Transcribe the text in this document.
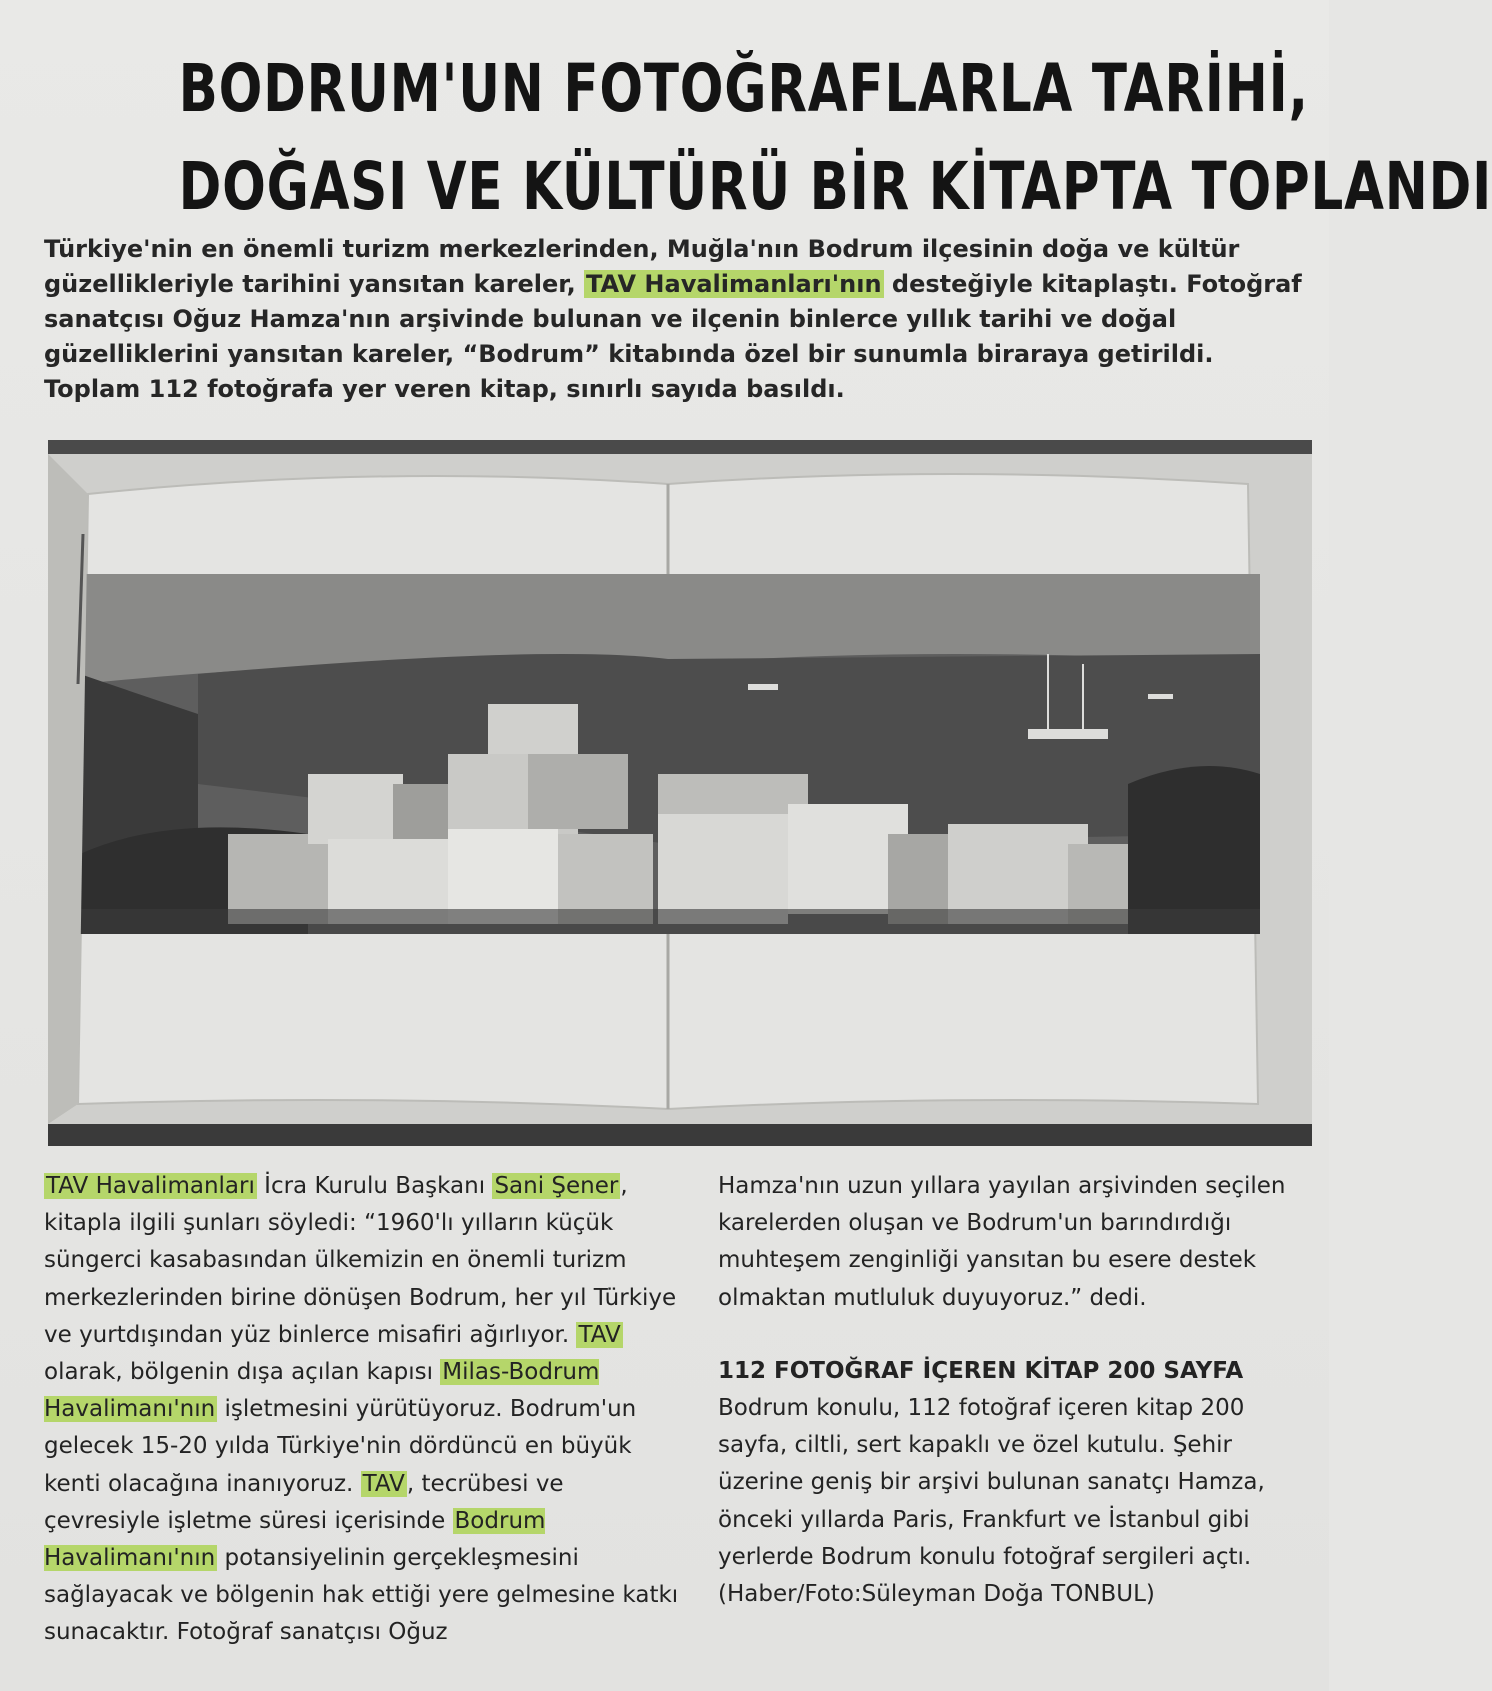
BODRUM'UN FOTOĞRAFLARLA TARİHİ,
DOĞASI VE KÜLTÜRÜ BİR KİTAPTA TOPLANDI
Türkiye'nin en önemli turizm merkezlerinden, Muğla'nın Bodrum ilçesinin doğa ve kültür güzellikleriyle tarihini yansıtan kareler, TAV Havalimanları'nın desteğiyle kitaplaştı. Fotoğraf sanatçısı Oğuz Hamza'nın arşivinde bulunan ve ilçenin binlerce yıllık tarihi ve doğal güzelliklerini yansıtan kareler, “Bodrum” kitabında özel bir sunumla biraraya getirildi. Toplam 112 fotoğrafa yer veren kitap, sınırlı sayıda basıldı.

TAV Havalimanları İcra Kurulu Başkanı Sani Şener, kitapla ilgili şunları söyledi: “1960'lı yılların küçük süngerci kasabasından ülkemizin en önemli turizm merkezlerinden birine dönüşen Bodrum, her yıl Türkiye ve yurtdışından yüz binlerce misafiri ağırlıyor. TAV olarak, bölgenin dışa açılan kapısı Milas-Bodrum Havalimanı'nın işletmesini yürütüyoruz. Bodrum'un gelecek 15-20 yılda Türkiye'nin dördüncü en büyük kenti olacağına inanıyoruz. TAV, tecrübesi ve çevresiyle işletme süresi içerisinde Bodrum Havalimanı'nın potansiyelinin gerçekleşmesini sağlayacak ve bölgenin hak ettiği yere gelmesine katkı sunacaktır. Fotoğraf sanatçısı Oğuz

Hamza'nın uzun yıllara yayılan arşivinden seçilen karelerden oluşan ve Bodrum'un barındırdığı muhteşem zenginliği yansıtan bu esere destek olmaktan mutluluk duyuyoruz.” dedi.

112 FOTOĞRAF İÇEREN KİTAP 200 SAYFA

Bodrum konulu, 112 fotoğraf içeren kitap 200 sayfa, ciltli, sert kapaklı ve özel kutulu. Şehir üzerine geniş bir arşivi bulunan sanatçı Hamza, önceki yıllarda Paris, Frankfurt ve İstanbul gibi yerlerde Bodrum konulu fotoğraf sergileri açtı.

(Haber/Foto:Süleyman Doğa TONBUL)
